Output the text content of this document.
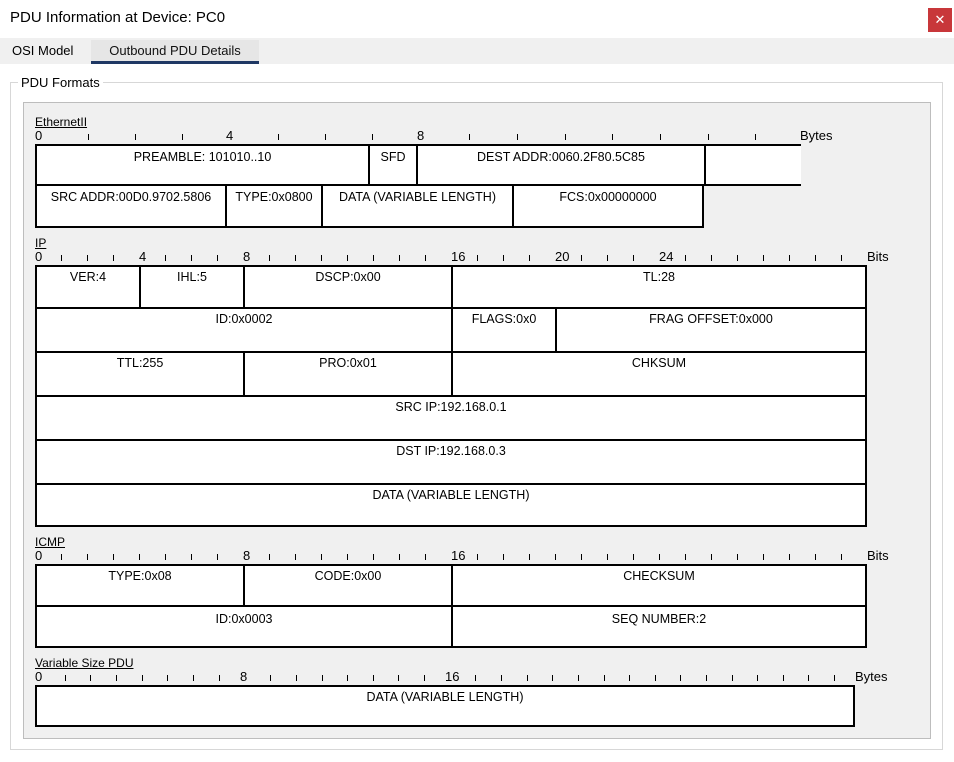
PDU Information at Device: PC0	✕
OSI Model	Outbound PDU Details
PDU Formats
EthernetII
0	4	8	Bytes
PREAMBLE: 101010..10	SFD	DEST ADDR:0060.2F80.5C85
SRC ADDR:00D0.9702.5806	TYPE:0x0800	DATA (VARIABLE LENGTH)	FCS:0x00000000
IP
0	4	8	16	20	24	Bits
VER:4	IHL:5	DSCP:0x00	TL:28
ID:0x0002	FLAGS:0x0	FRAG OFFSET:0x000
TTL:255	PRO:0x01	CHKSUM
SRC IP:192.168.0.1
DST IP:192.168.0.3
DATA (VARIABLE LENGTH)
ICMP
0	8	16	Bits
TYPE:0x08	CODE:0x00	CHECKSUM
ID:0x0003	SEQ NUMBER:2
Variable Size PDU
0	8	16	Bytes
DATA (VARIABLE LENGTH)
